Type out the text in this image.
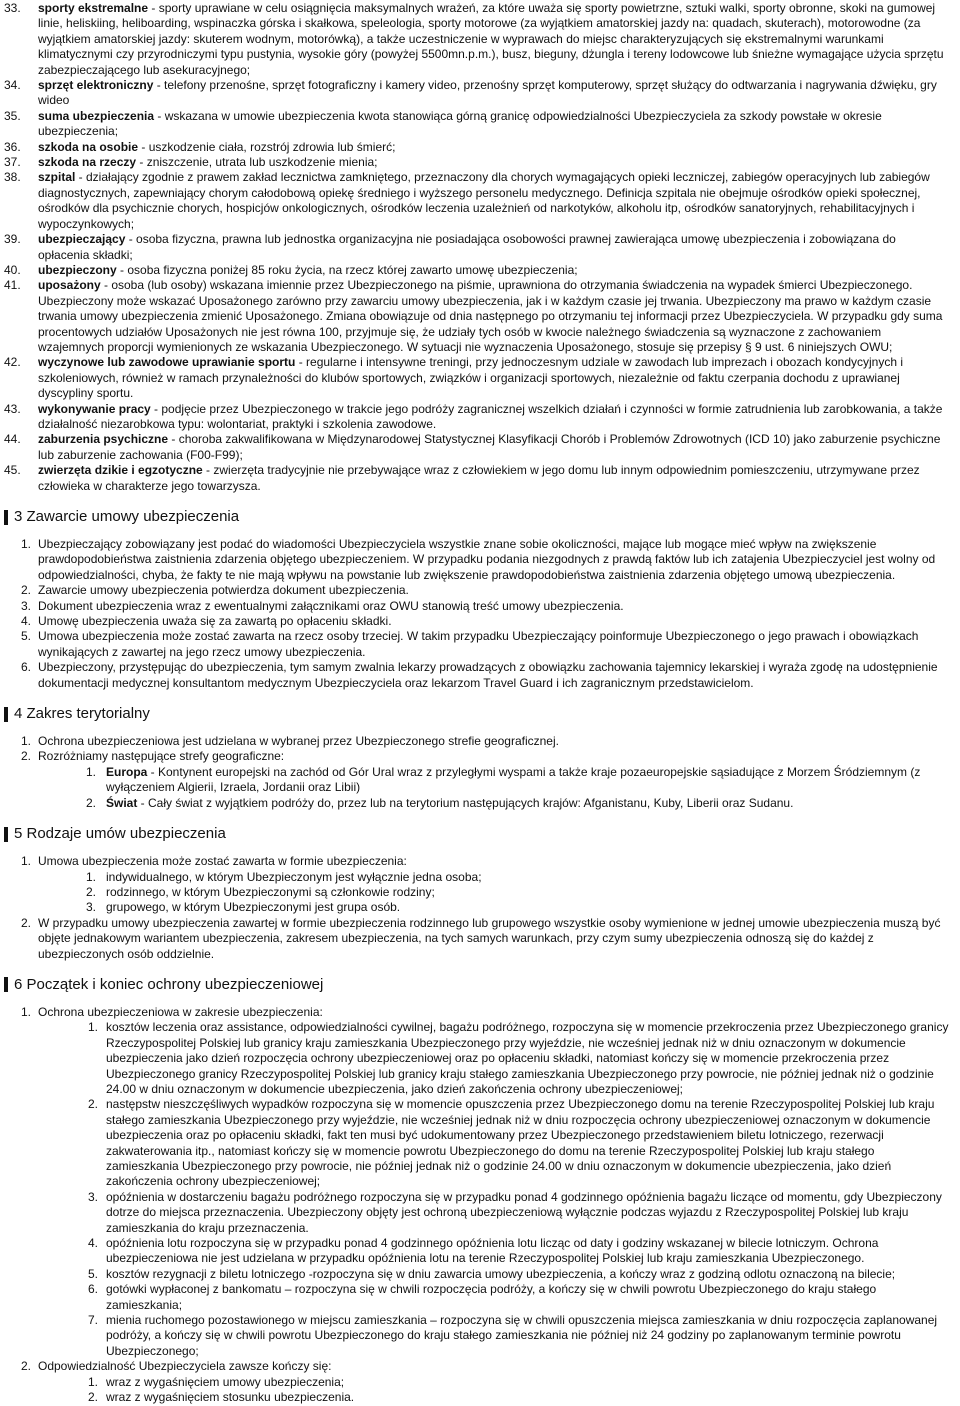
33.	sporty ekstremalne - sporty uprawiane w celu osiągnięcia maksymalnych wrażeń, za które uważa się sporty powietrzne, sztuki walki, sporty obronne, skoki na gumowej linie, heliskiing, heliboarding, wspinaczka górska i skałkowa, speleologia, sporty motorowe (za wyjątkiem amatorskiej jazdy na: quadach, skuterach), motorowodne (za wyjątkiem amatorskiej jazdy: skuterem wodnym, motorówką), a także uczestniczenie w wyprawach do miejsc charakteryzujących się ekstremalnymi warunkami klimatycznymi czy przyrodniczymi typu pustynia, wysokie góry (powyżej 5500mn.p.m.), busz, bieguny, dżungla i tereny lodowcowe lub śnieżne wymagające użycia sprzętu zabezpieczającego lub asekuracyjnego;
34.	sprzęt elektroniczny - telefony przenośne, sprzęt fotograficzny i kamery video, przenośny sprzęt komputerowy, sprzęt służący do odtwarzania i nagrywania dźwięku, gry wideo
35.	suma ubezpieczenia - wskazana w umowie ubezpieczenia kwota stanowiąca górną granicę odpowiedzialności Ubezpieczyciela za szkody powstałe w okresie ubezpieczenia;
36.	szkoda na osobie - uszkodzenie ciała, rozstrój zdrowia lub śmierć;
37.	szkoda na rzeczy - zniszczenie, utrata lub uszkodzenie mienia;
38.	szpital - działający zgodnie z prawem zakład lecznictwa zamkniętego, przeznaczony dla chorych wymagających opieki leczniczej, zabiegów operacyjnych lub zabiegów diagnostycznych, zapewniający chorym całodobową opiekę średniego i wyższego personelu medycznego. Definicja szpitala nie obejmuje ośrodków opieki społecznej, ośrodków dla psychicznie chorych, hospicjów onkologicznych, ośrodków leczenia uzależnień od narkotyków, alkoholu itp, ośrodków sanatoryjnych, rehabilitacyjnych i wypoczynkowych;
39.	ubezpieczający - osoba fizyczna, prawna lub jednostka organizacyjna nie posiadająca osobowości prawnej zawierająca umowę ubezpieczenia i zobowiązana do opłacenia składki;
40.	ubezpieczony - osoba fizyczna poniżej 85 roku życia, na rzecz której zawarto umowę ubezpieczenia;
41.	uposażony - osoba (lub osoby) wskazana imiennie przez Ubezpieczonego na piśmie, uprawniona do otrzymania świadczenia na wypadek śmierci Ubezpieczonego. Ubezpieczony może wskazać Uposażonego zarówno przy zawarciu umowy ubezpieczenia, jak i w każdym czasie jej trwania. Ubezpieczony ma prawo w każdym czasie trwania umowy ubezpieczenia zmienić Uposażonego. Zmiana obowiązuje od dnia następnego po otrzymaniu tej informacji przez Ubezpieczyciela. W przypadku gdy suma procentowych udziałów Uposażonych nie jest równa 100, przyjmuje się, że udziały tych osób w kwocie należnego świadczenia są wyznaczone z zachowaniem wzajemnych proporcji wymienionych ze wskazania Ubezpieczonego. W sytuacji nie wyznaczenia Uposażonego, stosuje się przepisy § 9 ust. 6 niniejszych OWU;
42.	wyczynowe lub zawodowe uprawianie sportu - regularne i intensywne treningi, przy jednoczesnym udziale w zawodach lub imprezach i obozach kondycyjnych i szkoleniowych, również w ramach przynależności do klubów sportowych, związków i organizacji sportowych, niezależnie od faktu czerpania dochodu z uprawianej dyscypliny sportu.
43.	wykonywanie pracy - podjęcie przez Ubezpieczonego w trakcie jego podróży zagranicznej wszelkich działań i czynności w formie zatrudnienia lub zarobkowania, a także działalność niezarobkowa typu: wolontariat, praktyki i szkolenia zawodowe.
44.	zaburzenia psychiczne - choroba zakwalifikowana w Międzynarodowej Statystycznej Klasyfikacji Chorób i Problemów Zdrowotnych (ICD 10) jako zaburzenie psychiczne lub zaburzenie zachowania (F00-F99);
45.	zwierzęta dzikie i egzotyczne - zwierzęta tradycyjnie nie przebywające wraz z człowiekiem w jego domu lub innym odpowiednim pomieszczeniu, utrzymywane przez człowieka w charakterze jego towarzysza.
3 Zawarcie umowy ubezpieczenia
1. Ubezpieczający zobowiązany jest podać do wiadomości Ubezpieczyciela wszystkie znane sobie okoliczności, mające lub mogące mieć wpływ na zwiększenie prawdopodobieństwa zaistnienia zdarzenia objętego ubezpieczeniem. W przypadku podania niezgodnych z prawdą faktów lub ich zatajenia Ubezpieczyciel jest wolny od odpowiedzialności, chyba, że fakty te nie mają wpływu na powstanie lub zwiększenie prawdopodobieństwa zaistnienia zdarzenia objętego umową ubezpieczenia.
2. Zawarcie umowy ubezpieczenia potwierdza dokument ubezpieczenia.
3. Dokument ubezpieczenia wraz z ewentualnymi załącznikami oraz OWU stanowią treść umowy ubezpieczenia.
4. Umowę ubezpieczenia uważa się za zawartą po opłaceniu składki.
5. Umowa ubezpieczenia może zostać zawarta na rzecz osoby trzeciej. W takim przypadku Ubezpieczający poinformuje Ubezpieczonego o jego prawach i obowiązkach wynikających z zawartej na jego rzecz umowy ubezpieczenia.
6. Ubezpieczony, przystępując do ubezpieczenia, tym samym zwalnia lekarzy prowadzących z obowiązku zachowania tajemnicy lekarskiej i wyraża zgodę na udostępnienie dokumentacji medycznej konsultantom medycznym Ubezpieczyciela oraz lekarzom Travel Guard i ich zagranicznym przedstawicielom.
4 Zakres terytorialny
1. Ochrona ubezpieczeniowa jest udzielana w wybranej przez Ubezpieczonego strefie geograficznej.
2. Rozróżniamy następujące strefy geograficzne:
1. Europa - Kontynent europejski na zachód od Gór Ural wraz z przyległymi wyspami a także kraje pozaeuropejskie sąsiadujące z Morzem Śródziemnym (z wyłączeniem Algierii, Izraela, Jordanii oraz Libii)
2. Świat - Cały świat z wyjątkiem podróży do, przez lub na terytorium następujących krajów: Afganistanu, Kuby, Liberii oraz Sudanu.
5 Rodzaje umów ubezpieczenia
1. Umowa ubezpieczenia może zostać zawarta w formie ubezpieczenia:
1. indywidualnego, w którym Ubezpieczonym jest wyłącznie jedna osoba;
2. rodzinnego, w którym Ubezpieczonymi są członkowie rodziny;
3. grupowego, w którym Ubezpieczonymi jest grupa osób.
2. W przypadku umowy ubezpieczenia zawartej w formie ubezpieczenia rodzinnego lub grupowego wszystkie osoby wymienione w jednej umowie ubezpieczenia muszą być objęte jednakowym wariantem ubezpieczenia, zakresem ubezpieczenia, na tych samych warunkach, przy czym sumy ubezpieczenia odnoszą się do każdej z ubezpieczonych osób oddzielnie.
6 Początek i koniec ochrony ubezpieczeniowej
1. Ochrona ubezpieczeniowa w zakresie ubezpieczenia:
1. kosztów leczenia oraz assistance, odpowiedzialności cywilnej, bagażu podróżnego, rozpoczyna się w momencie przekroczenia przez Ubezpieczonego granicy Rzeczypospolitej Polskiej lub granicy kraju zamieszkania Ubezpieczonego przy wyjeździe, nie wcześniej jednak niż w dniu oznaczonym w dokumencie ubezpieczenia jako dzień rozpoczęcia ochrony ubezpieczeniowej oraz po opłaceniu składki, natomiast kończy się w momencie przekroczenia przez Ubezpieczonego granicy Rzeczypospolitej Polskiej lub granicy kraju stałego zamieszkania Ubezpieczonego przy powrocie, nie później jednak niż o godzinie 24.00 w dniu oznaczonym w dokumencie ubezpieczenia, jako dzień zakończenia ochrony ubezpieczeniowej;
2. następstw nieszczęśliwych wypadków rozpoczyna się w momencie opuszczenia przez Ubezpieczonego domu na terenie Rzeczypospolitej Polskiej lub kraju stałego zamieszkania Ubezpieczonego przy wyjeździe, nie wcześniej jednak niż w dniu rozpoczęcia ochrony ubezpieczeniowej oznaczonym w dokumencie ubezpieczenia oraz po opłaceniu składki, fakt ten musi być udokumentowany przez Ubezpieczonego przedstawieniem biletu lotniczego, rezerwacji zakwaterowania itp., natomiast kończy się w momencie powrotu Ubezpieczonego do domu na terenie Rzeczypospolitej Polskiej lub kraju stałego zamieszkania Ubezpieczonego przy powrocie, nie później jednak niż o godzinie 24.00 w dniu oznaczonym w dokumencie ubezpieczenia, jako dzień zakończenia ochrony ubezpieczeniowej;
3. opóźnienia w dostarczeniu bagażu podróżnego rozpoczyna się w przypadku ponad 4 godzinnego opóźnienia bagażu liczące od momentu, gdy Ubezpieczony dotrze do miejsca przeznaczenia. Ubezpieczony objęty jest ochroną ubezpieczeniową wyłącznie podczas wyjazdu z Rzeczypospolitej Polskiej lub kraju zamieszkania do kraju przeznaczenia.
4. opóźnienia lotu rozpoczyna się w przypadku ponad 4 godzinnego opóźnienia lotu licząc od daty i godziny wskazanej w bilecie lotniczym. Ochrona ubezpieczeniowa nie jest udzielana w przypadku opóźnienia lotu na terenie Rzeczypospolitej Polskiej lub kraju zamieszkania Ubezpieczonego.
5. kosztów rezygnacji z biletu lotniczego -rozpoczyna się w dniu zawarcia umowy ubezpieczenia, a kończy wraz z godziną odlotu oznaczoną na bilecie;
6. gotówki wypłaconej z bankomatu – rozpoczyna się w chwili rozpoczęcia podróży, a kończy się w chwili powrotu Ubezpieczonego do kraju stałego zamieszkania;
7. mienia ruchomego pozostawionego w miejscu zamieszkania – rozpoczyna się w chwili opuszczenia miejsca zamieszkania w dniu rozpoczęcia zaplanowanej podróży, a kończy się w chwili powrotu Ubezpieczonego do kraju stałego zamieszkania nie później niż 24 godziny po zaplanowanym terminie powrotu Ubezpieczonego;
2. Odpowiedzialność Ubezpieczyciela zawsze kończy się:
1. wraz z wygaśnięciem umowy ubezpieczenia;
2. wraz z wygaśnięciem stosunku ubezpieczenia.
